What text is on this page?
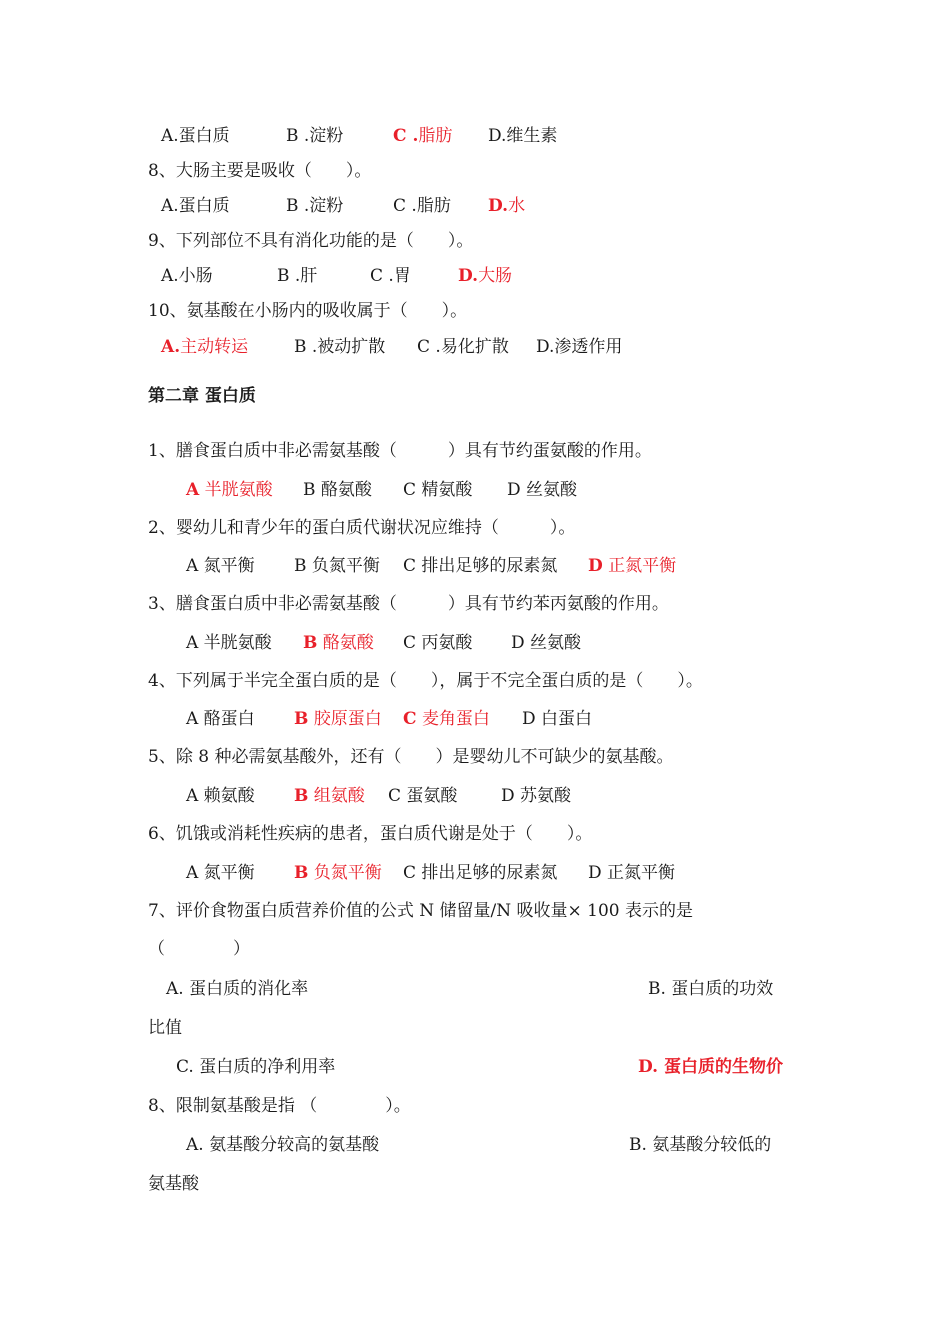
A.蛋白质	B .淀粉	C .脂肪 D.维生素
8、大肠主要是吸收（　　）。
A.蛋白质	B .淀粉	C .脂肪 D.水
9、下列部位不具有消化功能的是（　　）。
A.小肠	B .肝	C .胃	D.大肠
10、氨基酸在小肠内的吸收属于（　　）。
A.主动转运	B .被动扩散 C .易化扩散 D.渗透作用
第二章 蛋白质
1、膳食蛋白质中非必需氨基酸（　　　）具有节约蛋氨酸的作用。
A 半胱氨酸 B 酪氨酸 C 精氨酸 D 丝氨酸
2、婴幼儿和青少年的蛋白质代谢状况应维持（　　　）。
A 氮平衡 B 负氮平衡 C 排出足够的尿素氮 D 正氮平衡
3、膳食蛋白质中非必需氨基酸（　　　）具有节约苯丙氨酸的作用。
A 半胱氨酸 B 酪氨酸 C 丙氨酸 D 丝氨酸
4、下列属于半完全蛋白质的是（　　），属于不完全蛋白质的是（　　）。
A 酪蛋白 B 胶原蛋白 C 麦角蛋白 D 白蛋白
5、除 8 种必需氨基酸外，还有（　　）是婴幼儿不可缺少的氨基酸。
A 赖氨酸 B 组氨酸 C 蛋氨酸	D 苏氨酸
6、饥饿或消耗性疾病的患者，蛋白质代谢是处于（　　）。
A 氮平衡 B 负氮平衡 C 排出足够的尿素氮 D 正氮平衡
7、评价食物蛋白质营养价值的公式 N 储留量/N 吸收量× 100 表示的是
（　　　　）
A. 蛋白质的消化率	B. 蛋白质的功效
比值
C. 蛋白质的净利用率	D. 蛋白质的生物价
8、限制氨基酸是指 （　　　　）。
A. 氨基酸分较高的氨基酸	B. 氨基酸分较低的
氨基酸
